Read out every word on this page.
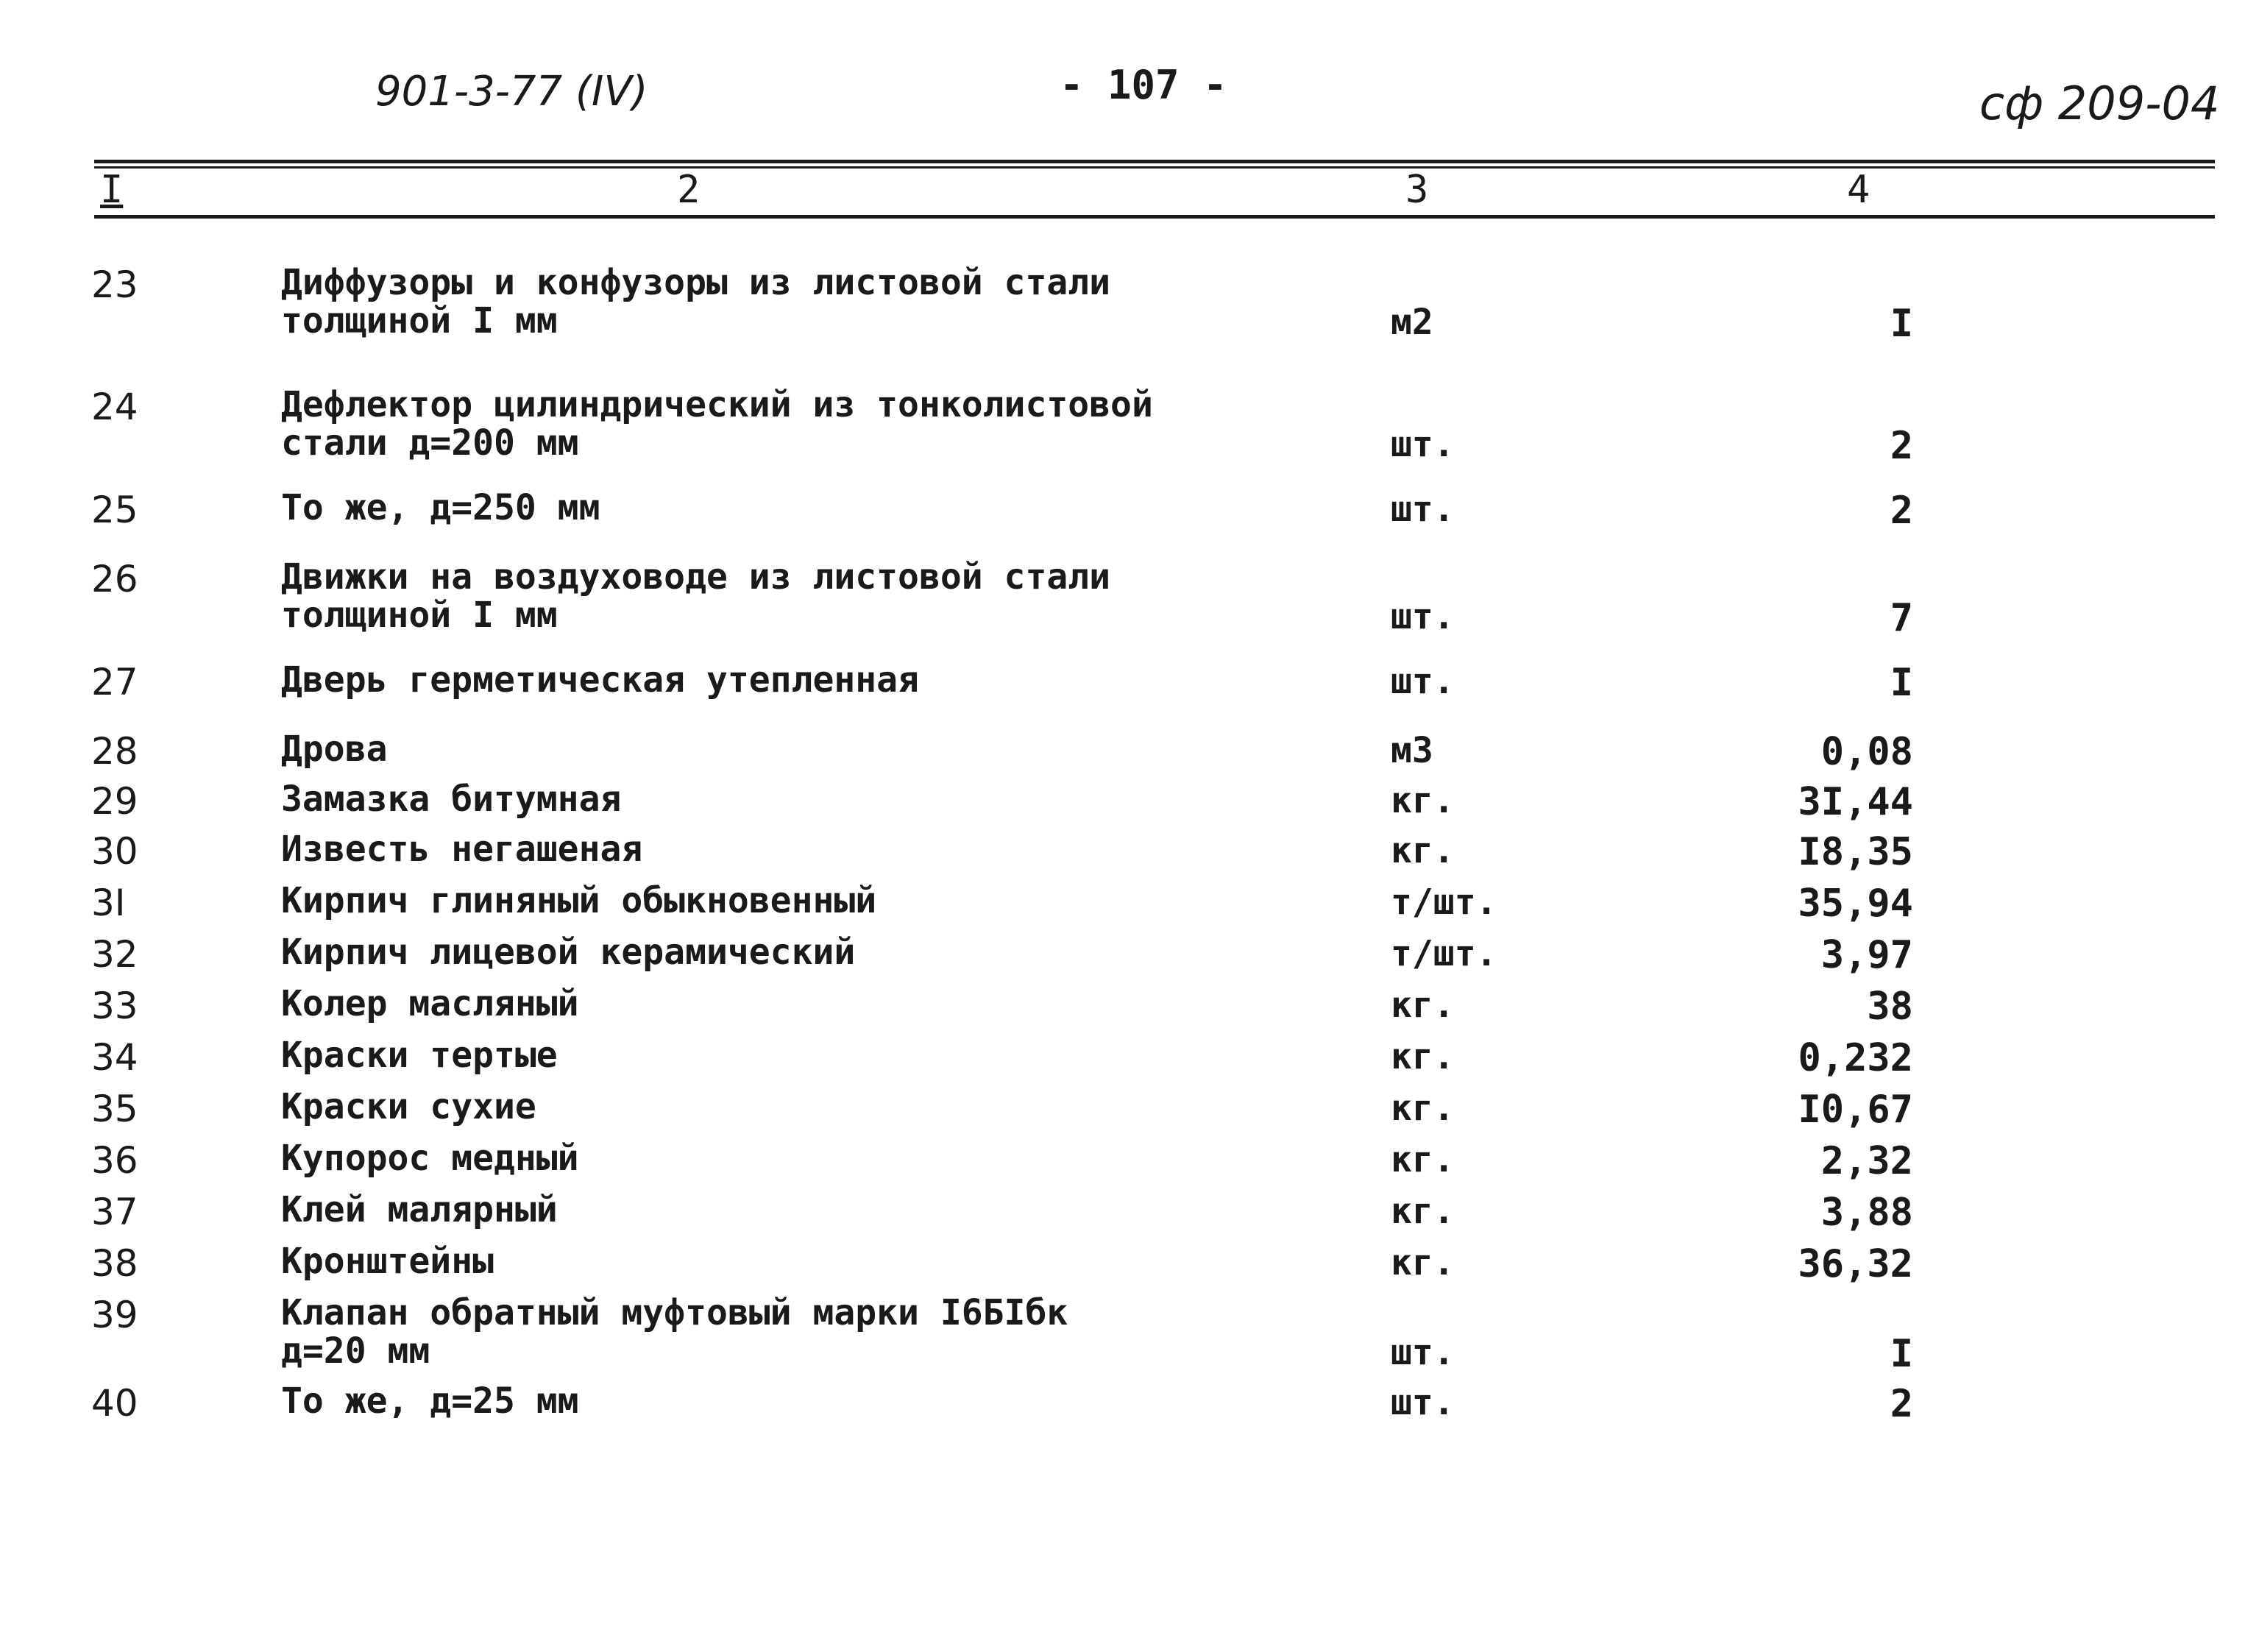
901-3-77 (IV)	- 107 -	сф 209-04
I	2	3	4
23	Диффузоры и конфузоры из листовой стали
толщиной I мм	м2	I
24	Дефлектор цилиндрический из тонколистовой
стали д=200 мм	шт.	2
25	То же, д=250 мм	шт.	2
26	Движки на воздуховоде из листовой стали
толщиной I мм	шт.	7
27	Дверь герметическая утепленная	шт.	I
28	Дрова	м3	0,08
29	Замазка битумная	кг.	3I,44
30	Известь негашеная	кг.	I8,35
3I	Кирпич глиняный обыкновенный	т/шт.	35,94
32	Кирпич лицевой керамический	т/шт.	3,97
33	Колер масляный	кг.	38
34	Краски тертые	кг.	0,232
35	Краски сухие	кг.	I0,67
36	Купорос медный	кг.	2,32
37	Клей малярный	кг.	3,88
38	Кронштейны	кг.	36,32
39	Клапан обратный муфтовый марки I6БIбк
д=20 мм	шт.	I
40	То же, д=25 мм	шт.	2
